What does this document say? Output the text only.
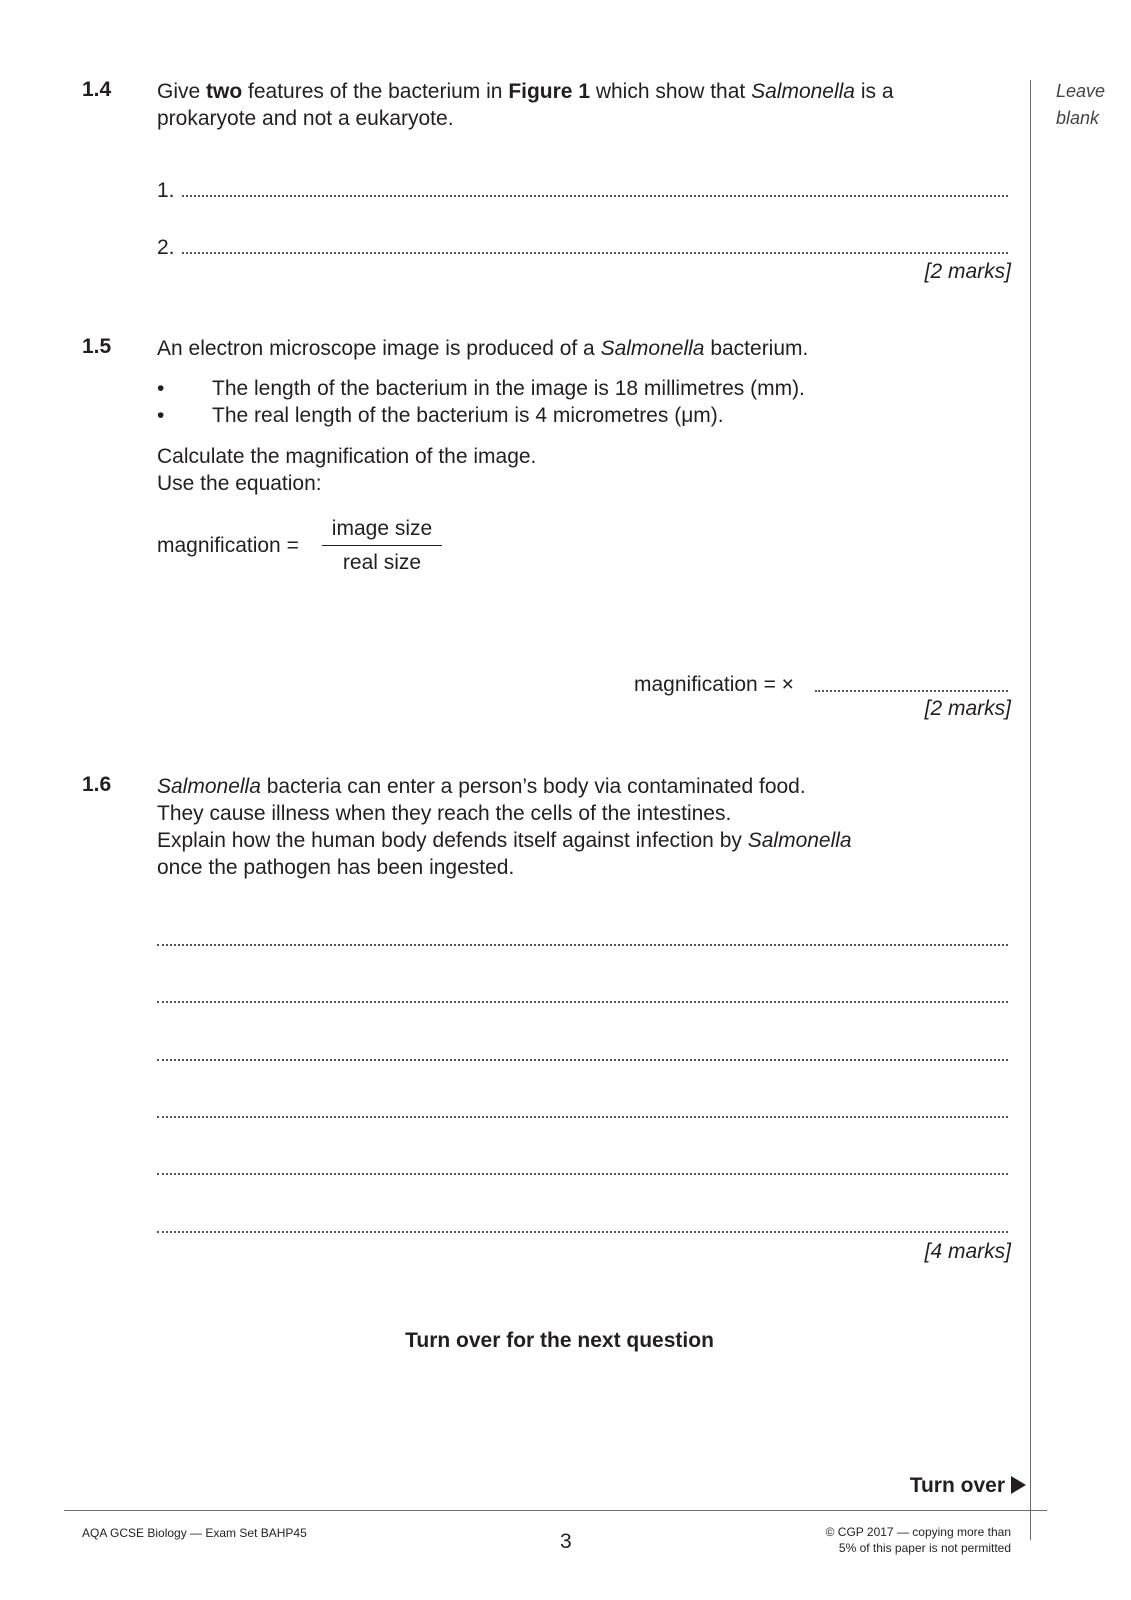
Leave
blank
1.4 Give two features of the bacterium in Figure 1 which show that Salmonella is a
prokaryote and not a eukaryote.
1.
2.
[2 marks]
1.5 An electron microscope image is produced of a Salmonella bacterium.
• The length of the bacterium in the image is 18 millimetres (mm).
• The real length of the bacterium is 4 micrometres (μm).
Calculate the magnification of the image.
Use the equation:
magnification =
image size
real size
magnification = ×
[2 marks]
1.6 Salmonella bacteria can enter a person’s body via contaminated food.
They cause illness when they reach the cells of the intestines.
Explain how the human body defends itself against infection by Salmonella
once the pathogen has been ingested.
[4 marks]
Turn over for the next question
Turn over
AQA GCSE Biology — Exam Set BAHP45	3	© CGP 2017 — copying more than
5% of this paper is not permitted
